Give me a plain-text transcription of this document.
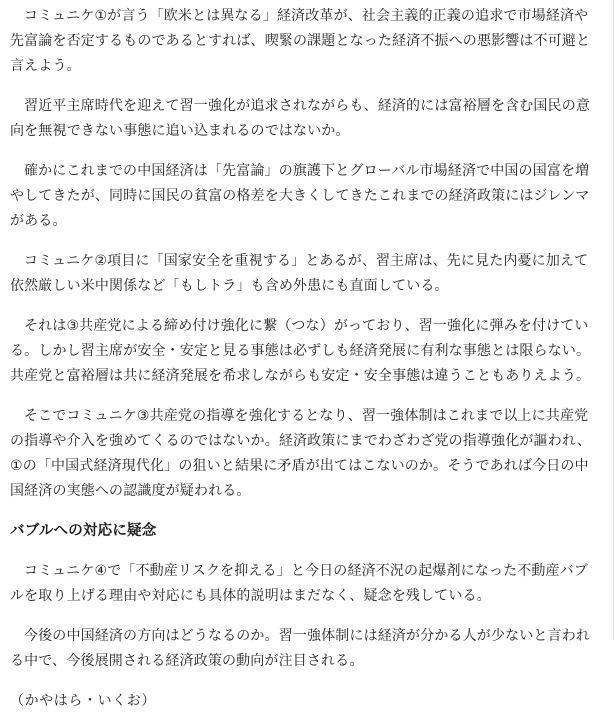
コミュニケ①が言う「欧米とは異なる」経済改革が、社会主義的正義の追求で市場経済や先富論を否定するものであるとすれば、喫緊の課題となった経済不振への悪影響は不可避と言えよう。

習近平主席時代を迎えて習一強化が追求されながらも、経済的には富裕層を含む国民の意向を無視できない事態に追い込まれるのではないか。

確かにこれまでの中国経済は「先富論」の旗護下とグローバル市場経済で中国の国富を増やしてきたが、同時に国民の貧富の格差を大きくしてきたこれまでの経済政策にはジレンマがある。

コミュニケ②項目に「国家安全を重視する」とあるが、習主席は、先に見た内憂に加えて依然厳しい米中関係など「もしトラ」も含め外患にも直面している。

それは③共産党による締め付け強化に繋（つな）がっており、習一強化に弾みを付けている。しかし習主席が安全・安定と見る事態は必ずしも経済発展に有利な事態とは限らない。共産党と富裕層は共に経済発展を希求しながらも安定・安全事態は違うこともありえよう。

そこでコミュニケ③共産党の指導を強化するとなり、習一強体制はこれまで以上に共産党の指導や介入を強めてくるのではないか。経済政策にまでわざわざ党の指導強化が謳われ、①の「中国式経済現代化」の狙いと結果に矛盾が出てはこないのか。そうであれば今日の中国経済の実態への認識度が疑われる。

バブルへの対応に疑念

コミュニケ④で「不動産リスクを抑える」と今日の経済不況の起爆剤になった不動産バブルを取り上げる理由や対応にも具体的説明はまだなく、疑念を残している。

今後の中国経済の方向はどうなるのか。習一強体制には経済が分かる人が少ないと言われる中で、今後展開される経済政策の動向が注目される。

（かやはら・いくお）
